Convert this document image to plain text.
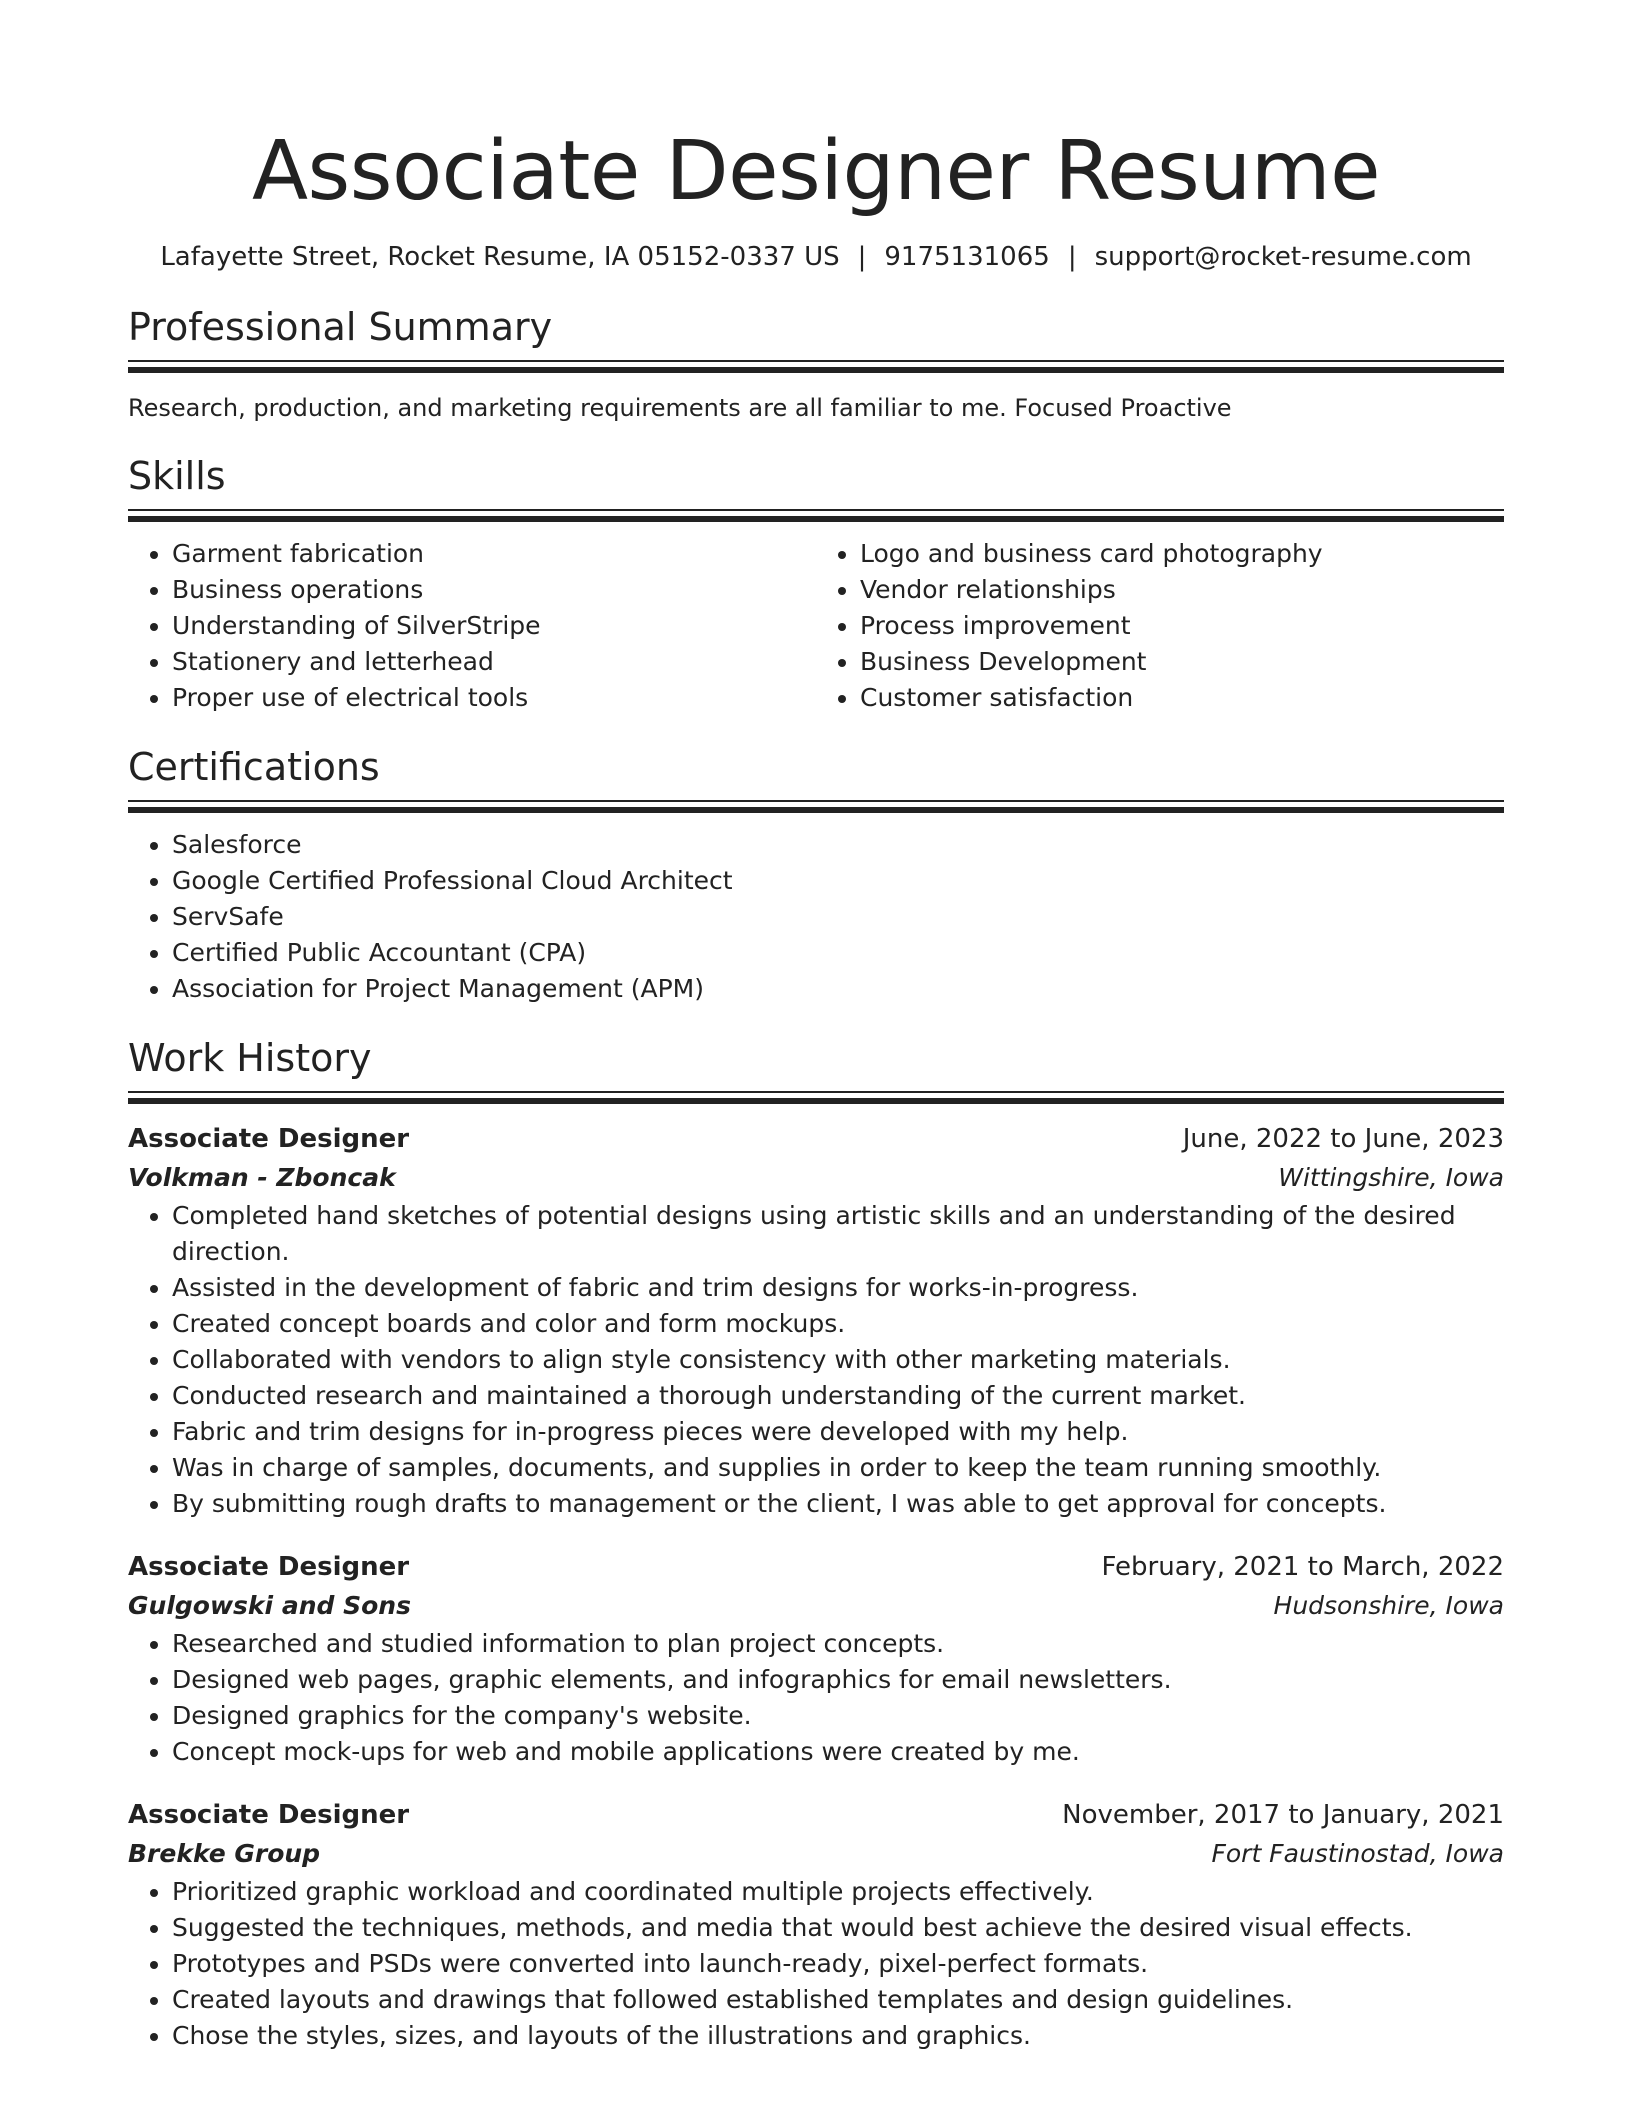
Associate Designer Resume
Lafayette Street, Rocket Resume, IA 05152-0337 US | 9175131065 | support@rocket-resume.com
Professional Summary
Research, production, and marketing requirements are all familiar to me. Focused Proactive
Skills
• Garment fabrication
• Business operations
• Understanding of SilverStripe
• Stationery and letterhead
• Proper use of electrical tools
• Logo and business card photography
• Vendor relationships
• Process improvement
• Business Development
• Customer satisfaction
Certifications
• Salesforce
• Google Certified Professional Cloud Architect
• ServSafe
• Certified Public Accountant (CPA)
• Association for Project Management (APM)
Work History
Associate Designer	June, 2022 to June, 2023
Volkman - Zboncak	Wittingshire, Iowa
• Completed hand sketches of potential designs using artistic skills and an understanding of the desired direction.
• Assisted in the development of fabric and trim designs for works-in-progress.
• Created concept boards and color and form mockups.
• Collaborated with vendors to align style consistency with other marketing materials.
• Conducted research and maintained a thorough understanding of the current market.
• Fabric and trim designs for in-progress pieces were developed with my help.
• Was in charge of samples, documents, and supplies in order to keep the team running smoothly.
• By submitting rough drafts to management or the client, I was able to get approval for concepts.
Associate Designer	February, 2021 to March, 2022
Gulgowski and Sons	Hudsonshire, Iowa
• Researched and studied information to plan project concepts.
• Designed web pages, graphic elements, and infographics for email newsletters.
• Designed graphics for the company's website.
• Concept mock-ups for web and mobile applications were created by me.
Associate Designer	November, 2017 to January, 2021
Brekke Group	Fort Faustinostad, Iowa
• Prioritized graphic workload and coordinated multiple projects effectively.
• Suggested the techniques, methods, and media that would best achieve the desired visual effects.
• Prototypes and PSDs were converted into launch-ready, pixel-perfect formats.
• Created layouts and drawings that followed established templates and design guidelines.
• Chose the styles, sizes, and layouts of the illustrations and graphics.
